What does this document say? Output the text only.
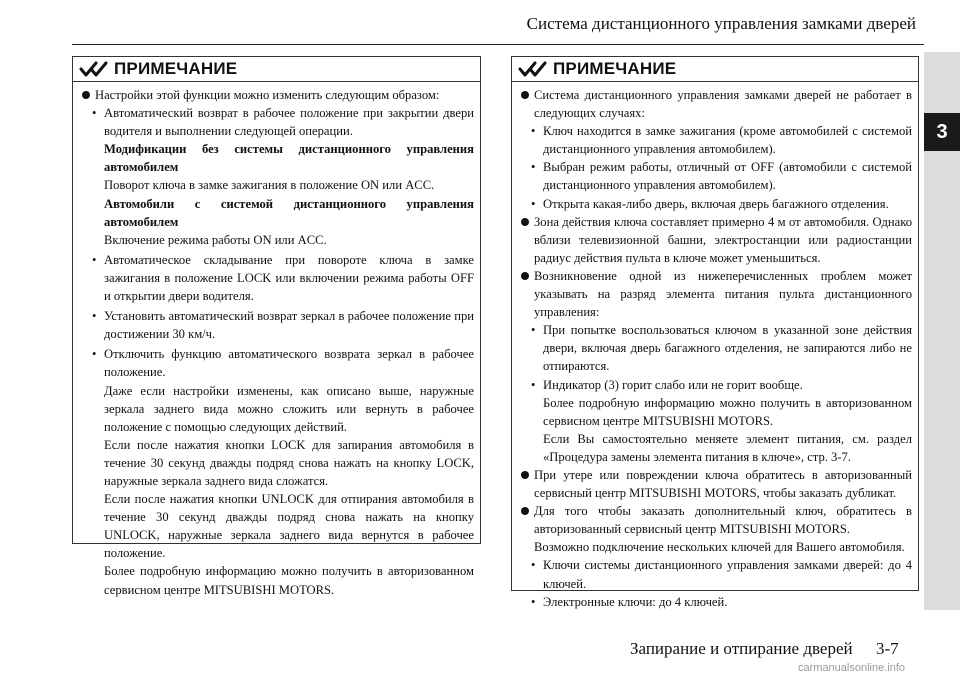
Система дистанционного управления замками дверей
3
ПРИМЕЧАНИЕ
Настройки этой функции можно изменить следующим образом:
• Автоматический возврат в рабочее положение при закрытии двери водителя и выполнении следующей операции.
Модификации без системы дистанционного управления автомобилем
Поворот ключа в замке зажигания в положение ON или ACC.
Автомобили с системой дистанционного управления автомобилем
Включение режима работы ON или ACC.
• Автоматическое складывание при повороте ключа в замке зажигания в положение LOCK или включении режима работы OFF и открытии двери водителя.
• Установить автоматический возврат зеркал в рабочее положение при достижении 30 км/ч.
• Отключить функцию автоматического возврата зеркал в рабочее положение.
Даже если настройки изменены, как описано выше, наружные зеркала заднего вида можно сложить или вернуть в рабочее положение с помощью следующих действий.
Если после нажатия кнопки LOCK для запирания автомобиля в течение 30 секунд дважды подряд снова нажать на кнопку LOCK, наружные зеркала заднего вида сложатся.
Если после нажатия кнопки UNLOCK для отпирания автомобиля в течение 30 секунд дважды подряд снова нажать на кнопку UNLOCK, наружные зеркала заднего вида вернутся в рабочее положение.
Более подробную информацию можно получить в авторизованном сервисном центре MITSUBISHI MOTORS.
ПРИМЕЧАНИЕ
Система дистанционного управления замками дверей не работает в следующих случаях:
• Ключ находится в замке зажигания (кроме автомобилей с системой дистанционного управления автомобилем).
• Выбран режим работы, отличный от OFF (автомобили с системой дистанционного управления автомобилем).
• Открыта какая-либо дверь, включая дверь багажного отделения.
Зона действия ключа составляет примерно 4 м от автомобиля. Однако вблизи телевизионной башни, электростанции или радиостанции радиус действия пульта в ключе может уменьшиться.
Возникновение одной из нижеперечисленных проблем может указывать на разряд элемента питания пульта дистанционного управления:
• При попытке воспользоваться ключом в указанной зоне действия двери, включая дверь багажного отделения, не запираются либо не отпираются.
• Индикатор (3) горит слабо или не горит вообще.
Более подробную информацию можно получить в авторизованном сервисном центре MITSUBISHI MOTORS.
Если Вы самостоятельно меняете элемент питания, см. раздел «Процедура замены элемента питания в ключе», стр. 3-7.
При утере или повреждении ключа обратитесь в авторизованный сервисный центр MITSUBISHI MOTORS, чтобы заказать дубликат.
Для того чтобы заказать дополнительный ключ, обратитесь в авторизованный сервисный центр MITSUBISHI MOTORS.
Возможно подключение нескольких ключей для Вашего автомобиля.
• Ключи системы дистанционного управления замками дверей: до 4 ключей.
• Электронные ключи: до 4 ключей.
Запирание и отпирание дверей 3-7
carmanualsonline.info
